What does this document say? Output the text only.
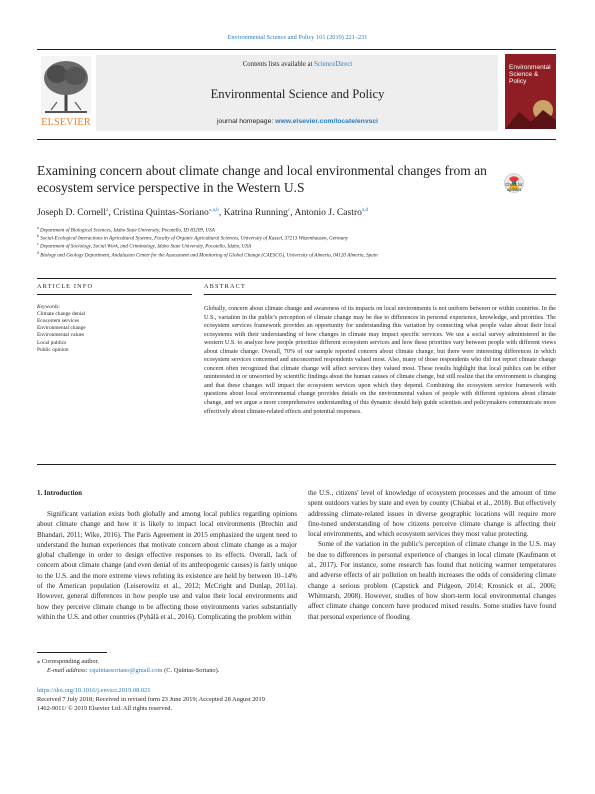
Environmental Science and Policy 101 (2019) 221–231
ELSEVIER
Contents lists available at ScienceDirect
Environmental Science and Policy
journal homepage: www.elsevier.com/locate/envsci
Environmental Science & Policy
Examining concern about climate change and local environmental changes from an ecosystem service perspective in the Western U.S	Check for updates
Joseph D. Cornell$^a$, Cristina Quintas-Soriano$^{⁎,a,b}$, Katrina Running$^c$, Antonio J. Castro$^{a,d}$
$^a$ Department of Biological Sciences, Idaho State University, Pocatello, ID 83209, USA
$^b$ Social-Ecological Interactions in Agricultural Systems, Faculty of Organic Agricultural Sciences, University of Kassel, 37213 Witzenhausen, Germany
$^c$ Department of Sociology, Social Work, and Criminology, Idaho State University, Pocatello, Idaho, USA
$^d$ Biology and Geology Department, Andalusian Center for the Assessment and Monitoring of Global Change (CAESCG), University of Almeria, 04120 Almería, Spain
ARTICLE INFO	ABSTRACT
Keywords:
Climate change denial
Ecosystem services
Environmental change
Environmental values
Local publics
Public opinion

Globally, concern about climate change and awareness of its impacts on local environments is not uniform between or within countries. In the U.S., variation in the public's perception of climate change may be due to differences in personal experience, knowledge, and priorities. The ecosystem services framework provides an opportunity for understanding this variation by connecting what people value about their local ecosystems with their understanding of how changes in climate may impact specific services. We use a social survey administered in the western U.S. to analyze how people prioritize different ecosystem services and how these priorities vary between people with different views about climate change. Overall, 70% of our sample reported concern about climate change, but there were interesting differences in which ecosystem services concerned and unconcerned respondents valued most. Also, many of those respondents who did not report climate change concern often recognized that climate change will affect services they valued most. These results highlight that local publics can be either uninterested in or unworried by scientific findings about the human causes of climate change, but still realize that the environment is changing and that these changes will impact the ecosystem services upon which they depend. Combining the ecosystem service framework with questions about local environmental change provides details on the environmental values of people with different opinions about climate change, and we argue a more comprehensive understanding of this dynamic should help guide scientists and policymakers communicate more effectively about climate-related effects and potential responses.

1. Introduction

Significant variation exists both globally and among local publics regarding opinions about climate change and how it is likely to impact local environments (Brechin and Bhandari, 2011; Wike, 2016). The Paris Agreement in 2015 emphasized the urgent need to understand the human experiences that motivate concern about climate change as a major global challenge in order to design effective responses to its effects. Overall, lack of concern about climate change (and even denial of its anthropogenic causes) is fairly unique to the U.S. and the more extreme views refuting its existence are held by between 10–14% of the American population (Leiserowitz et al., 2012; McCright and Dunlap, 2011a). However, general differences in how people use and value their local environments and how they perceive climate change to be affecting those environments varies substantially within the U.S. and other countries (Pyhälä et al., 2016). Complicating the problem within

the U.S., citizens' level of knowledge of ecosystem processes and the amount of time spent outdoors varies by state and even by county (Chiabai et al., 2018). But effectively addressing climate-related issues in diverse geographic locations will require more fine-tuned understanding of how citizens perceive climate change is affecting their local environments, and which ecosystem services they most value protecting.

Some of the variation in the public's perception of climate change in the U.S. may be due to differences in personal experience of changes in local climate (Kaufmann et al., 2017). For instance, some research has found that noticing warmer temperatures and adverse effects of air pollution on health increases the odds of considering climate change a serious problem (Capstick and Pidgeon, 2014; Krosnick et al., 2006; Whitmarsh, 2008). However, studies of how short-term local environmental changes affect climate change concern have produced mixed results. Some studies have found that personal experience of flooding

⁎ Corresponding author.
E-mail address: cquintassoriano@gmail.com (C. Quintas-Soriano).
https://doi.org/10.1016/j.envsci.2019.08.021
Received 7 July 2018; Received in revised form 23 June 2019; Accepted 28 August 2019
1462-9011/ © 2019 Elsevier Ltd. All rights reserved.
